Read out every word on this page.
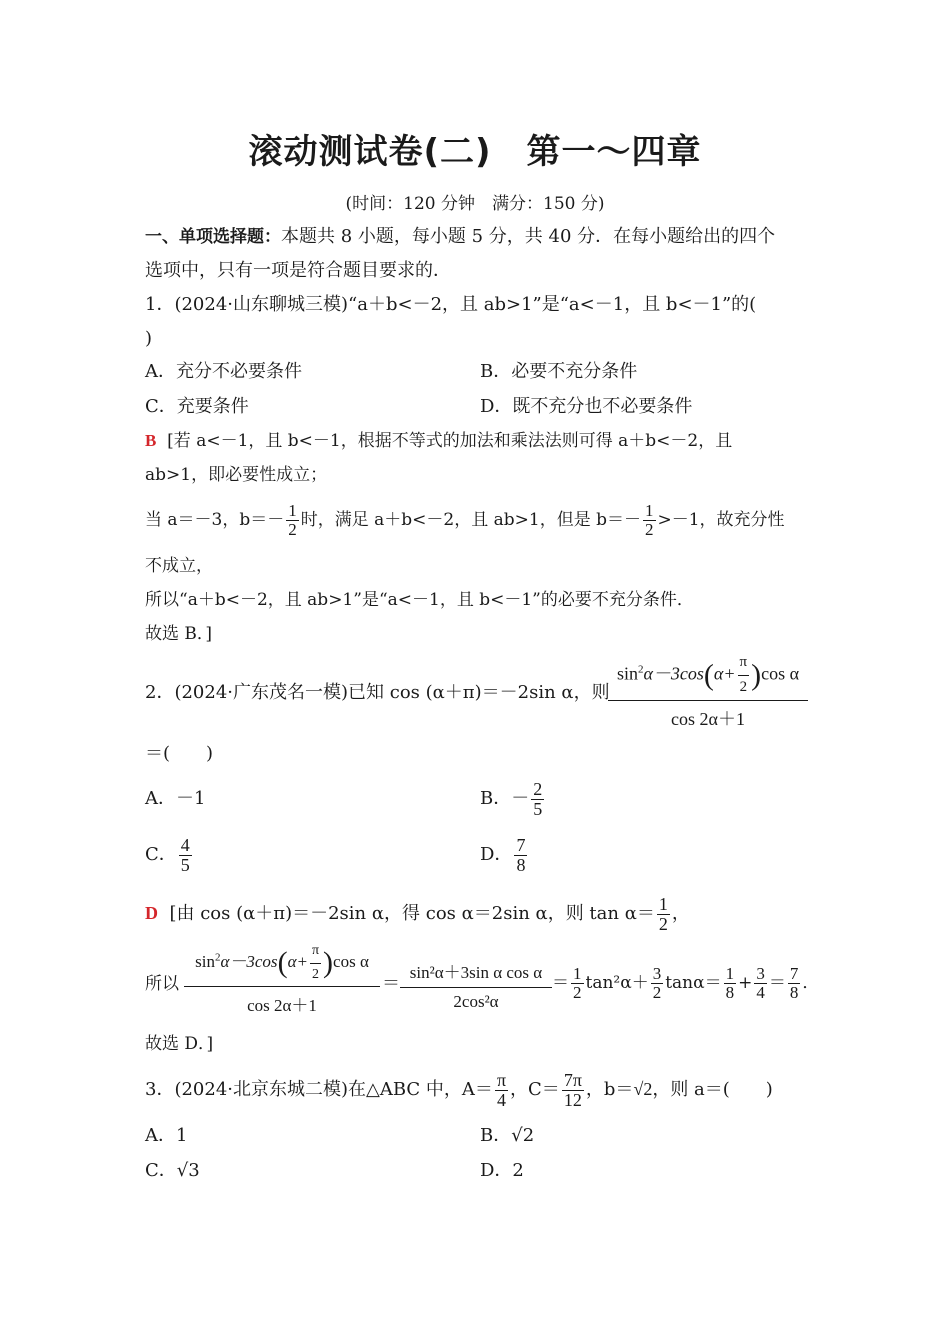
滚动测试卷(二)　第一～四章
(时间：120 分钟　满分：150 分)
一、单项选择题：本题共 8 小题，每小题 5 分，共 40 分．在每小题给出的四个
选项中，只有一项是符合题目要求的．
1．(2024·山东聊城三模)“a＋b<－2，且 ab>1”是“a<－1，且 b<－1”的(
)
A．充分不必要条件	B．必要不充分条件
C．充要条件	D．既不充分也不必要条件
B [若 a<－1，且 b<－1，根据不等式的加法和乘法法则可得 a＋b<－2，且
ab>1，即必要性成立；
当 a＝－3，$b=- \frac{1}{2}$ 时，满足 a＋b<－2，且 ab>1，但是 $b=- \frac{1}{2} >-1$，故充分性
不成立，
所以“a＋b<－2，且 ab>1”是“a<－1，且 b<－1”的必要不充分条件．
故选 B．]
2．(2024·广东茂名一模)已知 cos (α＋π)＝－2sin α，则
$\frac{\sin^2\alpha-3\cos(\alpha+ \frac{\pi}{2} )\cos \alpha}{\cos 2\alpha+1}$
＝(　　)
A．－1	B．－ $\frac{2}{5}$
C． $\frac{4}{5}$	D． $\frac{7}{8}$
D [由 cos (α＋π)＝－2sin α，得 cos α＝2sin α，则 $\tan \alpha= \frac{1}{2}$ ，
所以 $\frac{\sin^2\alpha-3\cos(\alpha+ \frac{\pi}{2} )\cos \alpha}{\cos 2\alpha+1} = \frac{\text{sin²α＋3sin α cos α}}{\text{2cos²α}} = \frac{1}{2} \tan^2\alpha+ \frac{3}{2} \tan\alpha= \frac{1}{8} + \frac{3}{4} = \frac{7}{8}$ ．
故选 D．]
3．(2024·北京东城二模)在△ABC 中，$A= \frac{\pi}{4}$ ，$C= \frac{7\pi}{12}$ ，b＝√2，则 a＝(　　)
A．1	B．√2
C．√3	D．2
